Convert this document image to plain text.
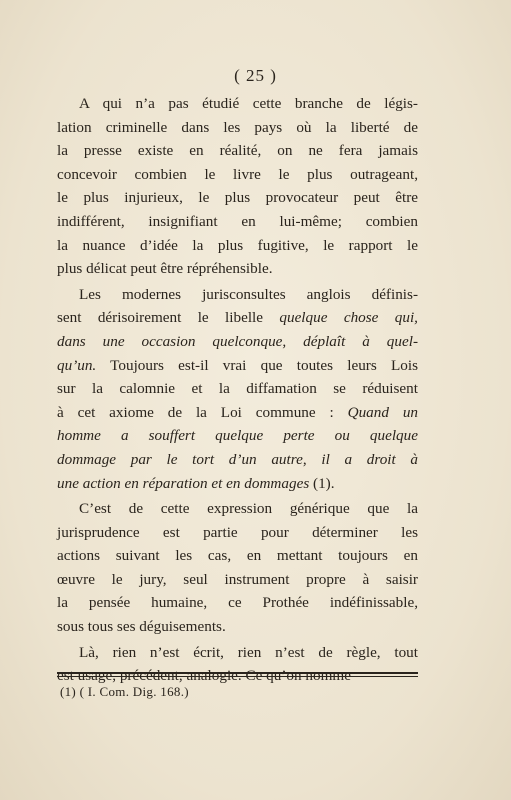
( 25 )
A qui n’a pas étudié cette branche de légis-
lation criminelle dans les pays où la liberté de
la presse existe en réalité, on ne fera jamais
concevoir combien le livre le plus outrageant,
le plus injurieux, le plus provocateur peut être
indifférent, insignifiant en lui-même; combien
la nuance d’idée la plus fugitive, le rapport le
plus délicat peut être répréhensible.
Les modernes jurisconsultes anglois définis-
sent dérisoirement le libelle quelque chose qui,
dans une occasion quelconque, déplaît à quel-
qu’un. Toujours est-il vrai que toutes leurs Lois
sur la calomnie et la diffamation se réduisent
à cet axiome de la Loi commune : Quand un
homme a souffert quelque perte ou quelque
dommage par le tort d’un autre, il a droit à
une action en réparation et en dommages (1).
C’est de cette expression générique que la
jurisprudence est partie pour déterminer les
actions suivant les cas, en mettant toujours en
œuvre le jury, seul instrument propre à saisir
la pensée humaine, ce Prothée indéfinissable,
sous tous ses déguisements.
Là, rien n’est écrit, rien n’est de règle, tout
(1) ( I. Com. Dig. 168.)
